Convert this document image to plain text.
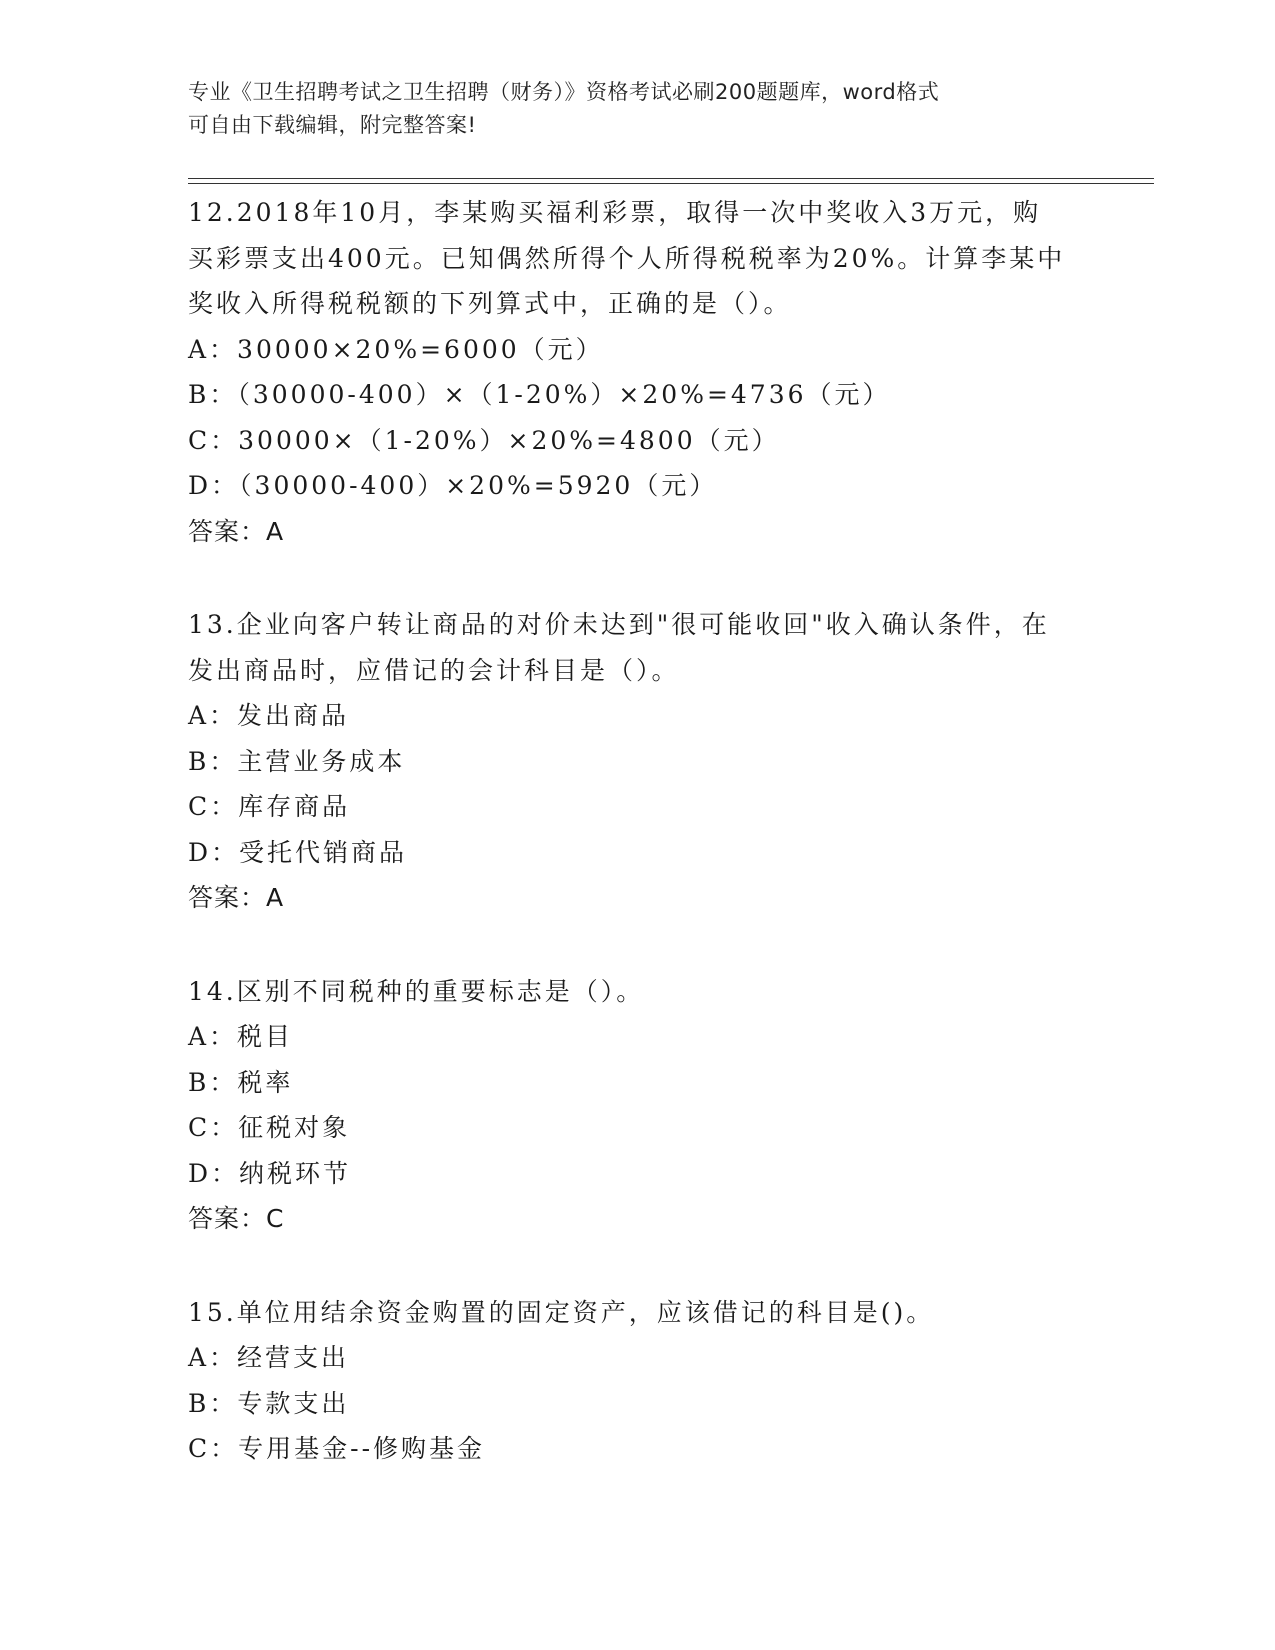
专业《卫生招聘考试之卫生招聘（财务）》资格考试必刷200题题库，word格式
可自由下载编辑，附完整答案!
12.2018年10月，李某购买福利彩票，取得一次中奖收入3万元，购
买彩票支出400元。已知偶然所得个人所得税税率为20%。计算李某中
奖收入所得税税额的下列算式中，正确的是（）。
A：30000×20%=6000（元）
B：（30000-400）×（1-20%）×20%=4736（元）
C：30000×（1-20%）×20%=4800（元）
D：（30000-400）×20%=5920（元）
答案：A
13.企业向客户转让商品的对价未达到"很可能收回"收入确认条件，在
发出商品时，应借记的会计科目是（）。
A：发出商品
B：主营业务成本
C：库存商品
D：受托代销商品
答案：A
14.区别不同税种的重要标志是（）。
A：税目
B：税率
C：征税对象
D：纳税环节
答案：C
15.单位用结余资金购置的固定资产，应该借记的科目是()。
A：经营支出
B：专款支出
C：专用基金--修购基金
